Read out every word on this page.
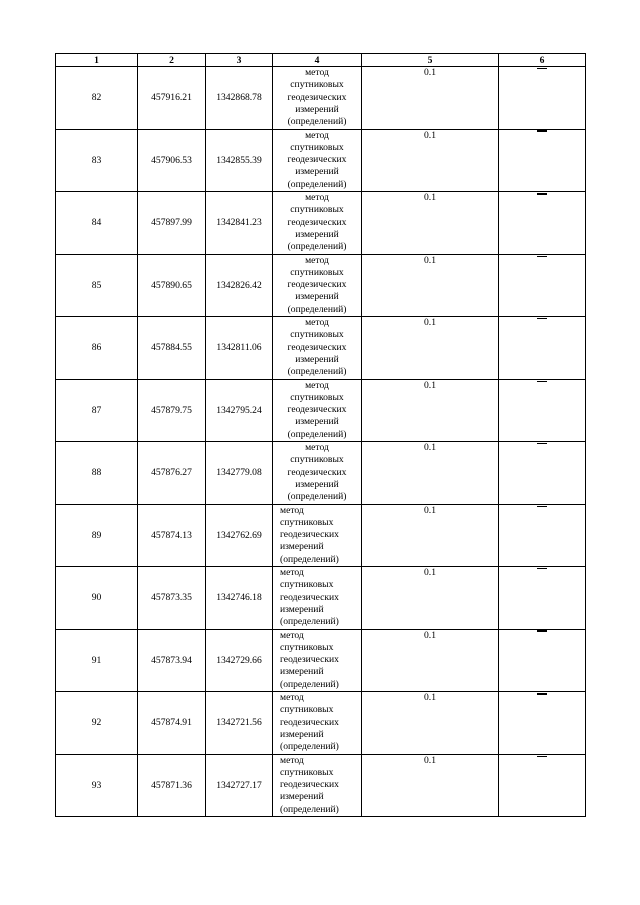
1	2	3	4	5	6
82	457916.21	1342868.78	метод
спутниковых
геодезических
измерений
(определений)	0.1	
83	457906.53	1342855.39	метод
спутниковых
геодезических
измерений
(определений)	0.1	
84	457897.99	1342841.23	метод
спутниковых
геодезических
измерений
(определений)	0.1	
85	457890.65	1342826.42	метод
спутниковых
геодезических
измерений
(определений)	0.1	
86	457884.55	1342811.06	метод
спутниковых
геодезических
измерений
(определений)	0.1	
87	457879.75	1342795.24	метод
спутниковых
геодезических
измерений
(определений)	0.1	
88	457876.27	1342779.08	метод
спутниковых
геодезических
измерений
(определений)	0.1	
89	457874.13	1342762.69	метод
спутниковых
геодезических
измерений
(определений)	0.1	
90	457873.35	1342746.18	метод
спутниковых
геодезических
измерений
(определений)	0.1	
91	457873.94	1342729.66	метод
спутниковых
геодезических
измерений
(определений)	0.1	
92	457874.91	1342721.56	метод
спутниковых
геодезических
измерений
(определений)	0.1	
93	457871.36	1342727.17	метод
спутниковых
геодезических
измерений
(определений)	0.1	
